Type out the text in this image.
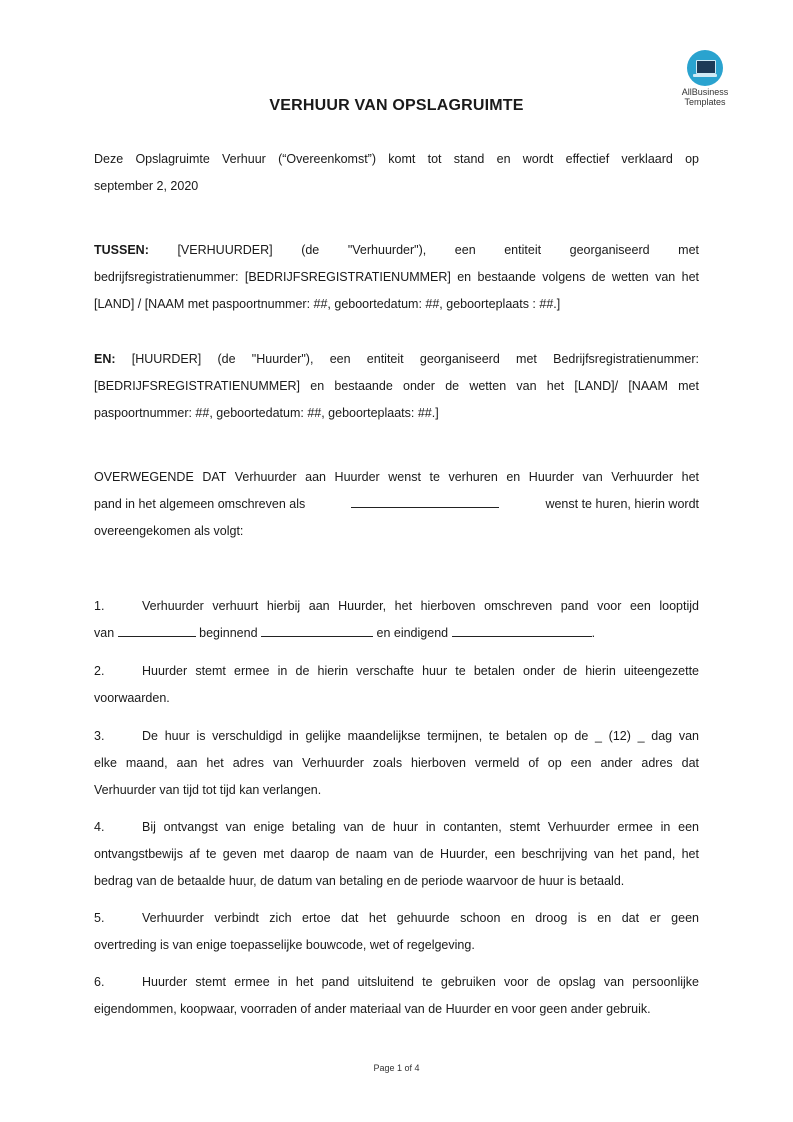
AllBusiness
Templates
VERHUUR VAN OPSLAGRUIMTE
Deze Opslagruimte Verhuur (“Overeenkomst”) komt tot stand en wordt effectief verklaard op
september 2, 2020
TUSSEN: [VERHUURDER] (de "Verhuurder"), een entiteit georganiseerd met
bedrijfsregistratienummer: [BEDRIJFSREGISTRATIENUMMER] en bestaande volgens de wetten van het
[LAND] / [NAAM met paspoortnummer: ##, geboortedatum: ##, geboorteplaats : ##.]
EN: [HUURDER] (de "Huurder"), een entiteit georganiseerd met Bedrijfsregistratienummer:
[BEDRIJFSREGISTRATIENUMMER] en bestaande onder de wetten van het [LAND]/ [NAAM met
paspoortnummer: ##, geboortedatum: ##, geboorteplaats: ##.]
OVERWEGENDE DAT Verhuurder aan Huurder wenst te verhuren en Huurder van Verhuurder het
pand in het algemeen omschreven als	wenst te huren, hierin wordt
overeengekomen als volgt:
1.	Verhuurder verhuurt hierbij aan Huurder, het hierboven omschreven pand voor een looptijd
van	beginnend	en eindigend	.
2.	Huurder stemt ermee in de hierin verschafte huur te betalen onder de hierin uiteengezette
voorwaarden.
3.	De huur is verschuldigd in gelijke maandelijkse termijnen, te betalen op de _ (12) _ dag van
elke maand, aan het adres van Verhuurder zoals hierboven vermeld of op een ander adres dat
Verhuurder van tijd tot tijd kan verlangen.
4.	Bij ontvangst van enige betaling van de huur in contanten, stemt Verhuurder ermee in een
ontvangstbewijs af te geven met daarop de naam van de Huurder, een beschrijving van het pand, het
bedrag van de betaalde huur, de datum van betaling en de periode waarvoor de huur is betaald.
5.	Verhuurder verbindt zich ertoe dat het gehuurde schoon en droog is en dat er geen
overtreding is van enige toepasselijke bouwcode, wet of regelgeving.
6.	Huurder stemt ermee in het pand uitsluitend te gebruiken voor de opslag van persoonlijke
eigendommen, koopwaar, voorraden of ander materiaal van de Huurder en voor geen ander gebruik.
Page 1 of 4
